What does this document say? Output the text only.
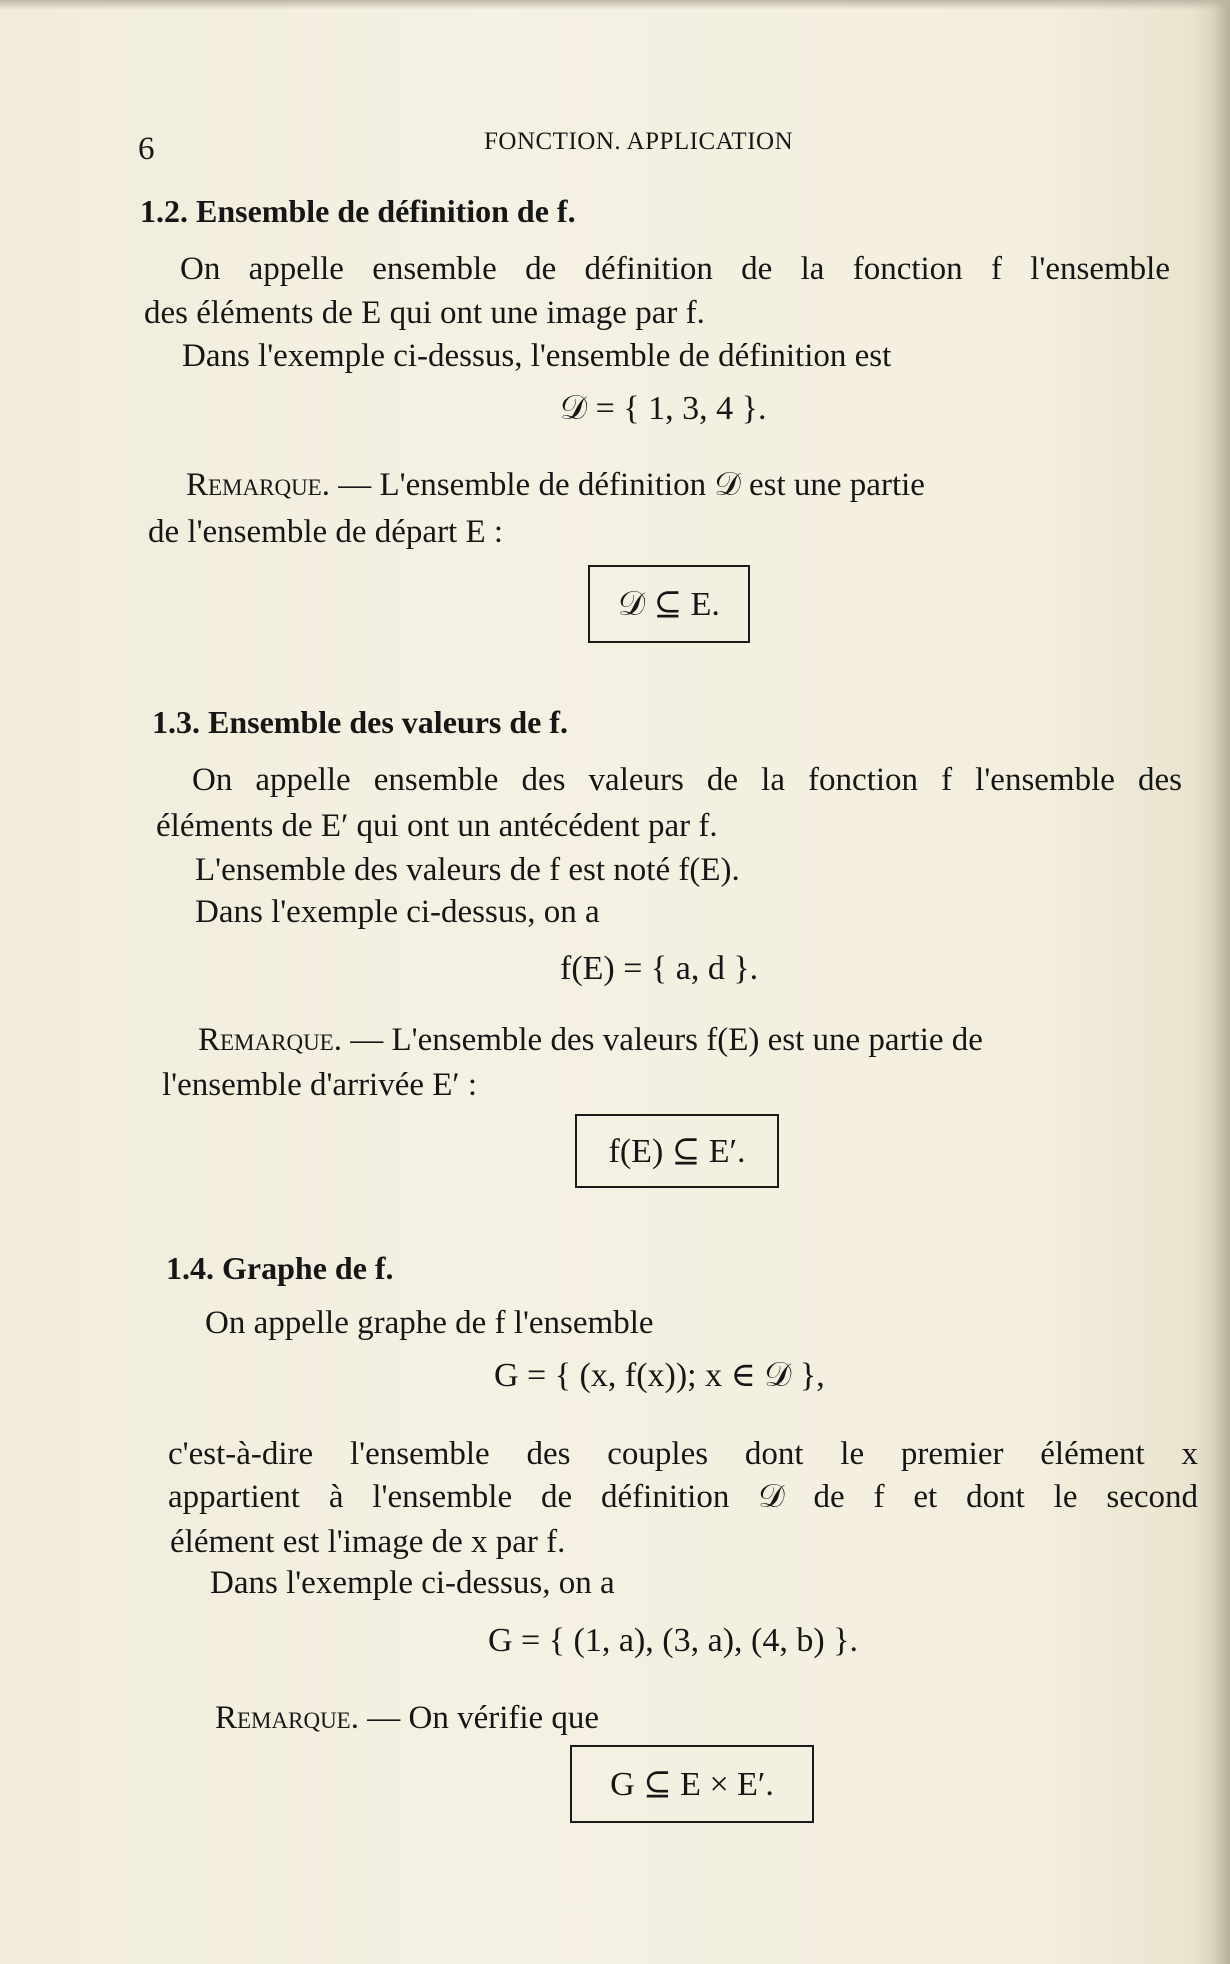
6	FONCTION. APPLICATION
1.2. Ensemble de définition de f.
On appelle ensemble de définition de la fonction f l'ensemble
des éléments de E qui ont une image par f.
Dans l'exemple ci-dessus, l'ensemble de définition est
𝒟 = { 1, 3, 4 }.
Remarque. — L'ensemble de définition 𝒟 est une partie
de l'ensemble de départ E :
𝒟 ⊆ E.
1.3. Ensemble des valeurs de f.
On appelle ensemble des valeurs de la fonction f l'ensemble des
éléments de E′ qui ont un antécédent par f.
L'ensemble des valeurs de f est noté f(E).
Dans l'exemple ci-dessus, on a
f(E) = { a, d }.
Remarque. — L'ensemble des valeurs f(E) est une partie de
l'ensemble d'arrivée E′ :
f(E) ⊆ E′.
1.4. Graphe de f.
On appelle graphe de f l'ensemble
G = { (x, f(x)); x ∈ 𝒟 },
c'est-à-dire l'ensemble des couples dont le premier élément x
appartient à l'ensemble de définition 𝒟 de f et dont le second
élément est l'image de x par f.
Dans l'exemple ci-dessus, on a
G = { (1, a), (3, a), (4, b) }.
Remarque. — On vérifie que
G ⊆ E × E′.
